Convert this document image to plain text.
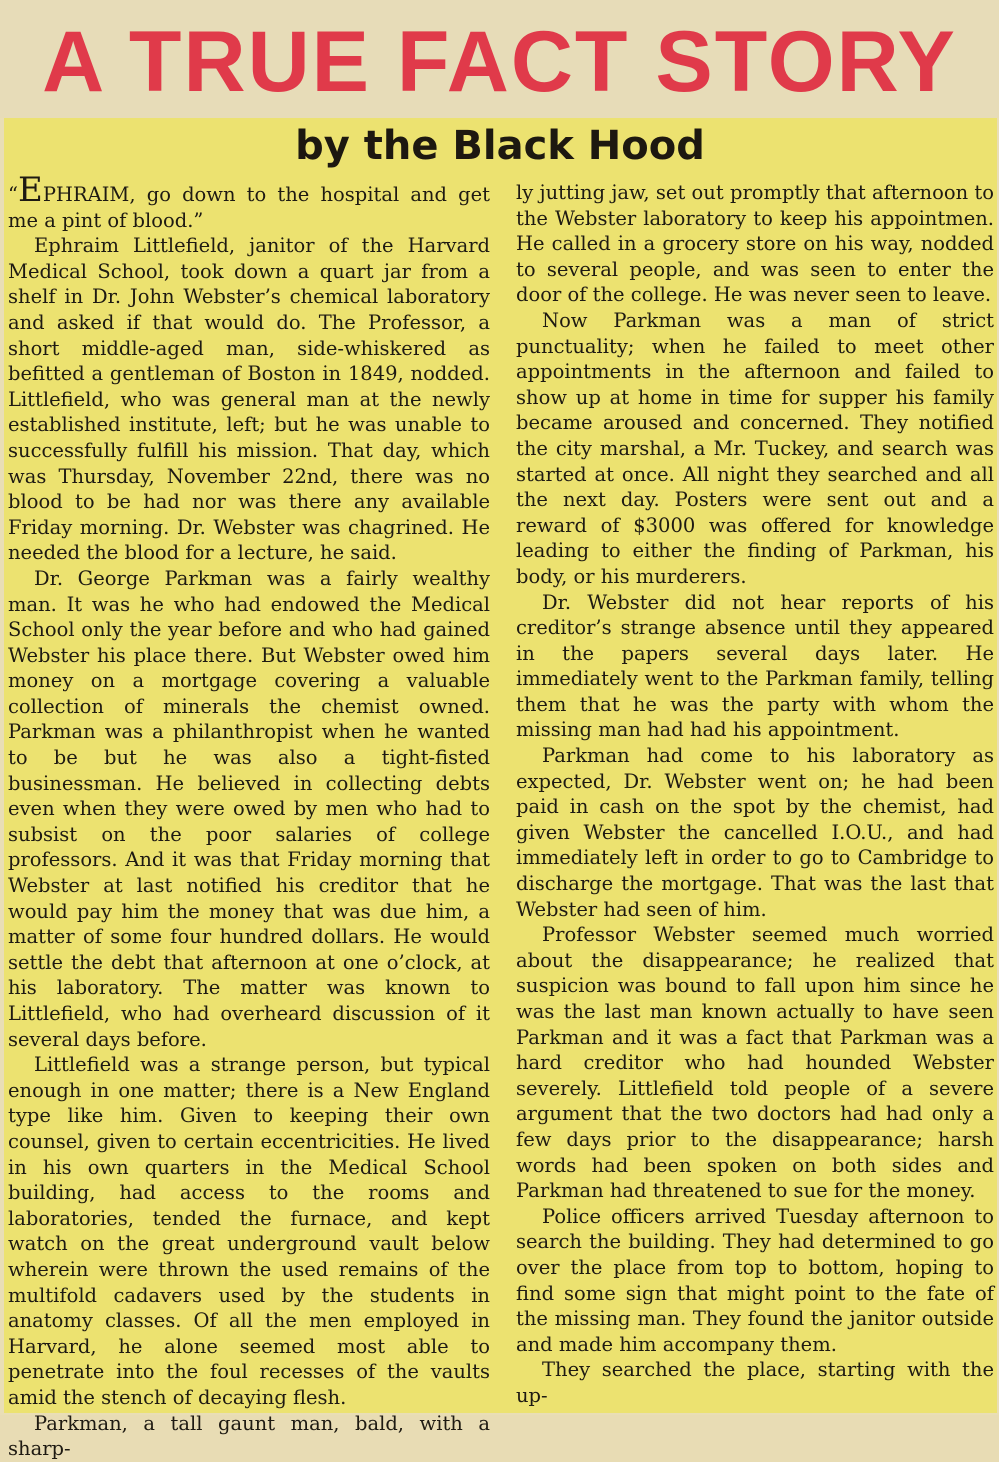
A TRUE FACT STORY
by the Black Hood

“EPHRAIM, go down to the hospital and get me a pint of blood.”

Ephraim Littlefield, janitor of the Harvard Medical School, took down a quart jar from a shelf in Dr. John Webster’s chemical laboratory and asked if that would do. The Professor, a short middle-aged man, side-whiskered as befitted a gentleman of Boston in 1849, nodded. Littlefield, who was general man at the newly established institute, left; but he was unable to successfully fulfill his mission. That day, which was Thursday, November 22nd, there was no blood to be had nor was there any available Friday morning. Dr. Webster was chagrined. He needed the blood for a lecture, he said.

Dr. George Parkman was a fairly wealthy man. It was he who had endowed the Medical School only the year before and who had gained Webster his place there. But Webster owed him money on a mortgage covering a valuable collection of minerals the chemist owned. Parkman was a philanthropist when he wanted to be but he was also a tight-fisted businessman. He believed in collecting debts even when they were owed by men who had to subsist on the poor salaries of college professors. And it was that Friday morning that Webster at last notified his creditor that he would pay him the money that was due him, a matter of some four hundred dollars. He would settle the debt that afternoon at one o’clock, at his laboratory. The matter was known to Littlefield, who had overheard discussion of it several days before.

Littlefield was a strange person, but typical enough in one matter; there is a New England type like him. Given to keeping their own counsel, given to certain eccentricities. He lived in his own quarters in the Medical School building, had access to the rooms and laboratories, tended the furnace, and kept watch on the great underground vault below wherein were thrown the used remains of the multifold cadavers used by the students in anatomy classes. Of all the men employed in Harvard, he alone seemed most able to penetrate into the foul recesses of the vaults amid the stench of decaying flesh.

Parkman, a tall gaunt man, bald, with a sharp-

ly jutting jaw, set out promptly that afternoon to the Webster laboratory to keep his appointmen. He called in a grocery store on his way, nodded to several people, and was seen to enter the door of the college. He was never seen to leave.

Now Parkman was a man of strict punctuality; when he failed to meet other appointments in the afternoon and failed to show up at home in time for supper his family became aroused and concerned. They notified the city marshal, a Mr. Tuckey, and search was started at once. All night they searched and all the next day. Posters were sent out and a reward of $3000 was offered for knowledge leading to either the finding of Parkman, his body, or his murderers.

Dr. Webster did not hear reports of his creditor’s strange absence until they appeared in the papers several days later. He immediately went to the Parkman family, telling them that he was the party with whom the missing man had had his appointment.

Parkman had come to his laboratory as expected, Dr. Webster went on; he had been paid in cash on the spot by the chemist, had given Webster the cancelled I.O.U., and had immediately left in order to go to Cambridge to discharge the mortgage. That was the last that Webster had seen of him.

Professor Webster seemed much worried about the disappearance; he realized that suspicion was bound to fall upon him since he was the last man known actually to have seen Parkman and it was a fact that Parkman was a hard creditor who had hounded Webster severely. Littlefield told people of a severe argument that the two doctors had had only a few days prior to the disappearance; harsh words had been spoken on both sides and Parkman had threatened to sue for the money.

Police officers arrived Tuesday afternoon to search the building. They had determined to go over the place from top to bottom, hoping to find some sign that might point to the fate of the missing man. They found the janitor outside and made him accompany them.

They searched the place, starting with the up-
